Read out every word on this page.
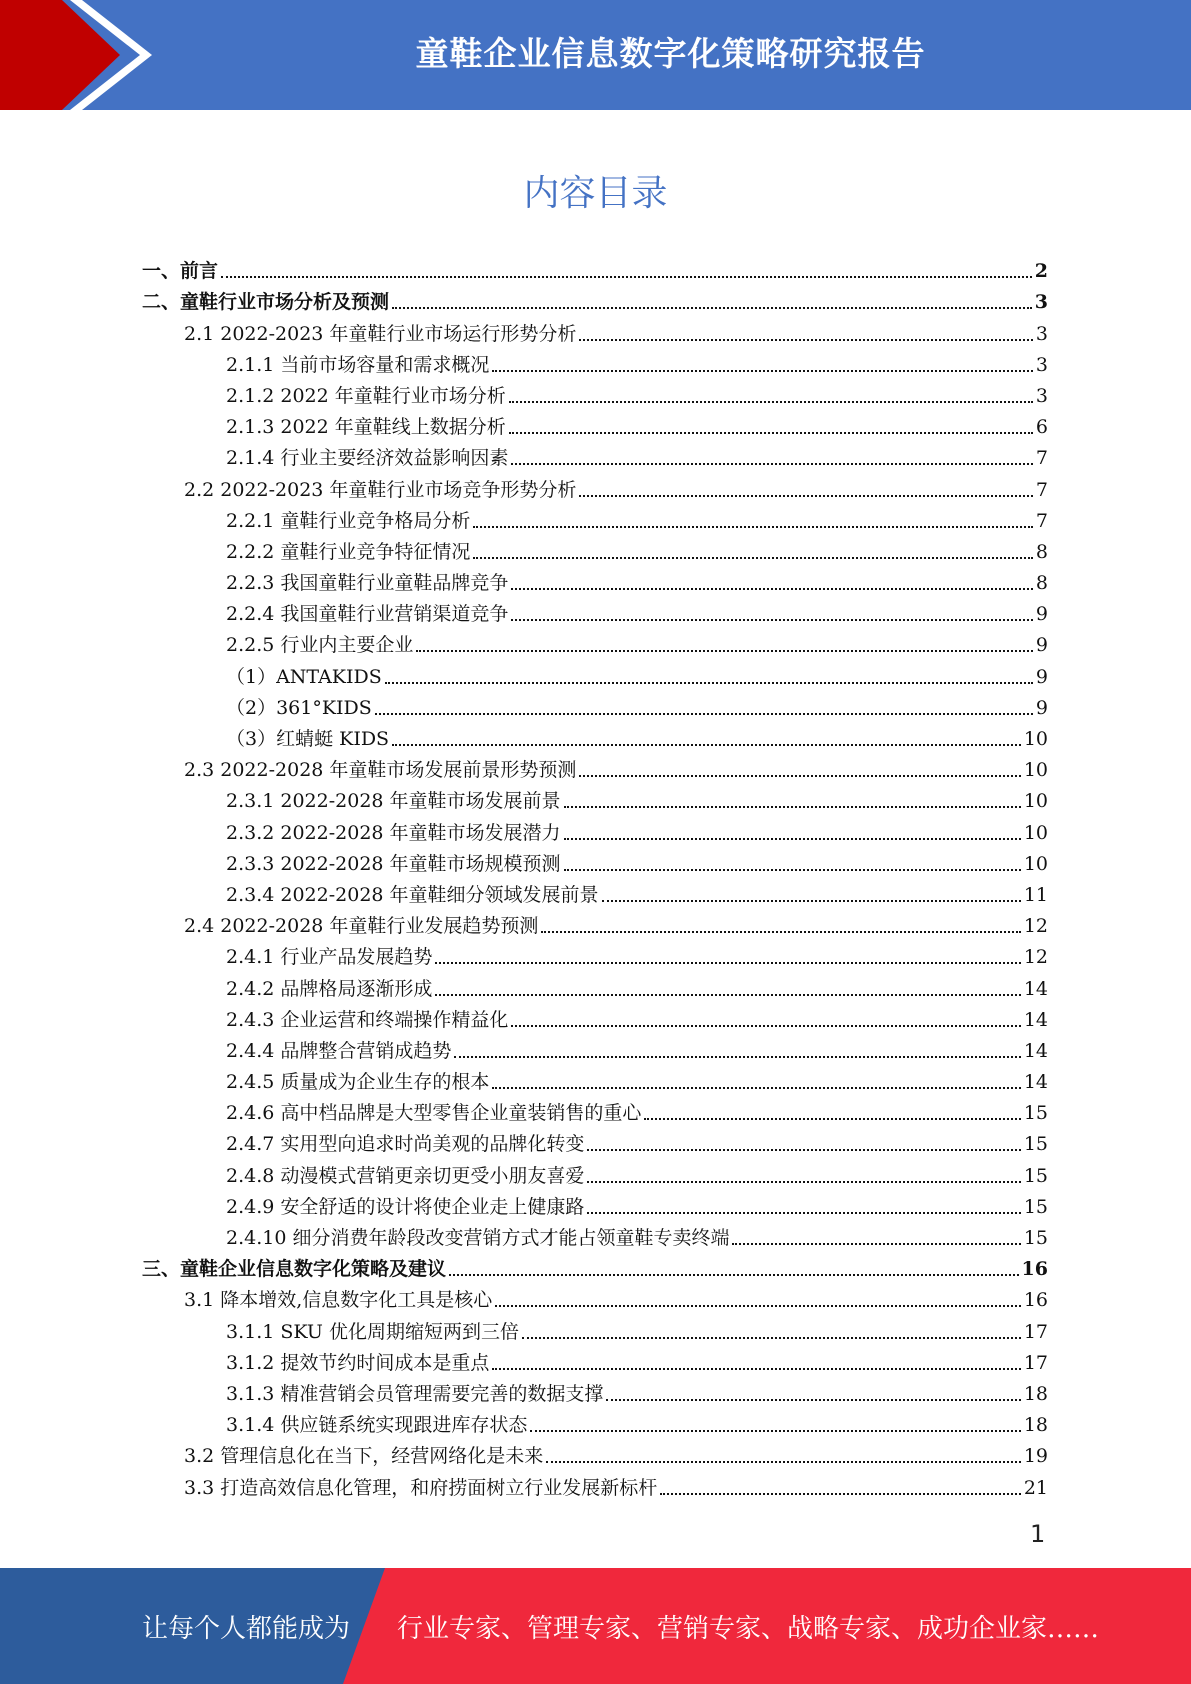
童鞋企业信息数字化策略研究报告
内容目录
一、前言	2
二、童鞋行业市场分析及预测	3
2.1 2022-2023 年童鞋行业市场运行形势分析	3
2.1.1 当前市场容量和需求概况	3
2.1.2 2022 年童鞋行业市场分析	3
2.1.3 2022 年童鞋线上数据分析	6
2.1.4 行业主要经济效益影响因素	7
2.2 2022-2023 年童鞋行业市场竞争形势分析	7
2.2.1 童鞋行业竞争格局分析	7
2.2.2 童鞋行业竞争特征情况	8
2.2.3 我国童鞋行业童鞋品牌竞争	8
2.2.4 我国童鞋行业营销渠道竞争	9
2.2.5 行业内主要企业	9
（1）ANTAKIDS	9
（2）361°KIDS	9
（3）红蜻蜓 KIDS	10
2.3 2022-2028 年童鞋市场发展前景形势预测	10
2.3.1 2022-2028 年童鞋市场发展前景	10
2.3.2 2022-2028 年童鞋市场发展潜力	10
2.3.3 2022-2028 年童鞋市场规模预测	10
2.3.4 2022-2028 年童鞋细分领域发展前景	11
2.4 2022-2028 年童鞋行业发展趋势预测	12
2.4.1 行业产品发展趋势	12
2.4.2 品牌格局逐渐形成	14
2.4.3 企业运营和终端操作精益化	14
2.4.4 品牌整合营销成趋势	14
2.4.5 质量成为企业生存的根本	14
2.4.6 高中档品牌是大型零售企业童装销售的重心	15
2.4.7 实用型向追求时尚美观的品牌化转变	15
2.4.8 动漫模式营销更亲切更受小朋友喜爱	15
2.4.9 安全舒适的设计将使企业走上健康路	15
2.4.10 细分消费年龄段改变营销方式才能占领童鞋专卖终端	15
三、童鞋企业信息数字化策略及建议	16
3.1 降本增效,信息数字化工具是核心	16
3.1.1 SKU 优化周期缩短两到三倍	17
3.1.2 提效节约时间成本是重点	17
3.1.3 精准营销会员管理需要完善的数据支撑	18
3.1.4 供应链系统实现跟进库存状态	18
3.2 管理信息化在当下，经营网络化是未来	19
3.3 打造高效信息化管理，和府捞面树立行业发展新标杆	21
1
让每个人都能成为 行业专家、管理专家、营销专家、战略专家、成功企业家……
